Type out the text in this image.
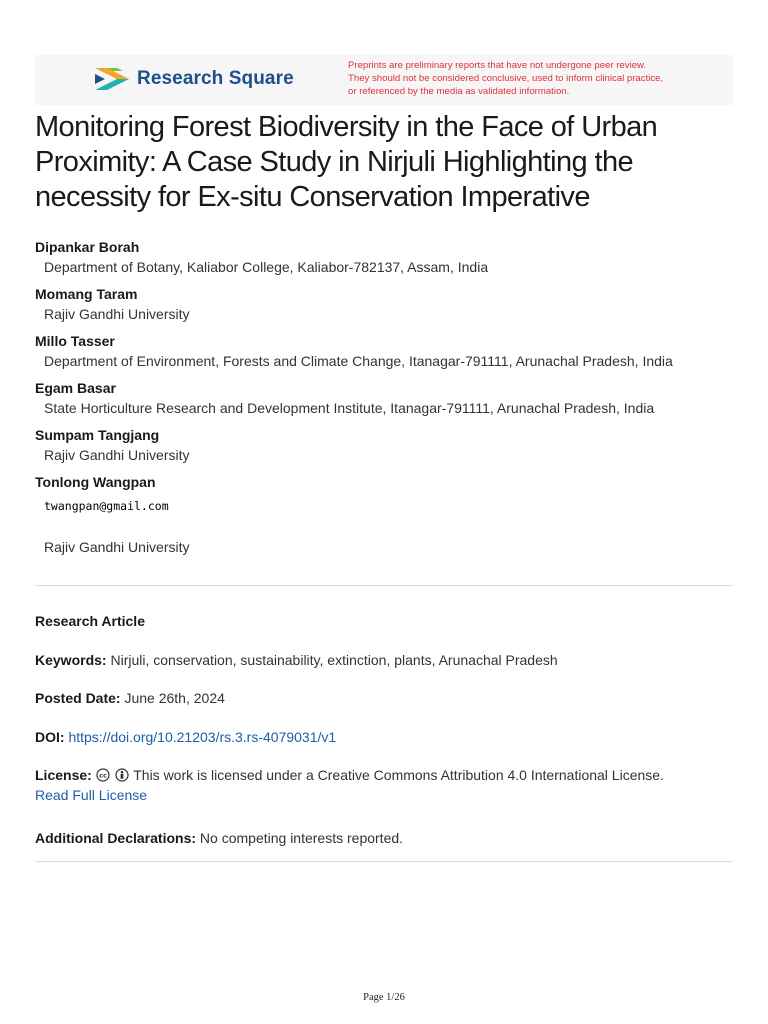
Research Square
Preprints are preliminary reports that have not undergone peer review.
They should not be considered conclusive, used to inform clinical practice,
or referenced by the media as validated information.
Monitoring Forest Biodiversity in the Face of Urban
Proximity: A Case Study in Nirjuli Highlighting the
necessity for Ex-situ Conservation Imperative
Dipankar Borah
Department of Botany, Kaliabor College, Kaliabor-782137, Assam, India
Momang Taram
Rajiv Gandhi University
Millo Tasser
Department of Environment, Forests and Climate Change, Itanagar-791111, Arunachal Pradesh, India
Egam Basar
State Horticulture Research and Development Institute, Itanagar-791111, Arunachal Pradesh, India
Sumpam Tangjang
Rajiv Gandhi University
Tonlong Wangpan
twangpan@gmail.com
Rajiv Gandhi University
Research Article
Keywords: Nirjuli, conservation, sustainability, extinction, plants, Arunachal Pradesh
Posted Date: June 26th, 2024
DOI: https://doi.org/10.21203/rs.3.rs-4079031/v1
License: cc This work is licensed under a Creative Commons Attribution 4.0 International License.
Read Full License
Additional Declarations: No competing interests reported.
Page 1/26
